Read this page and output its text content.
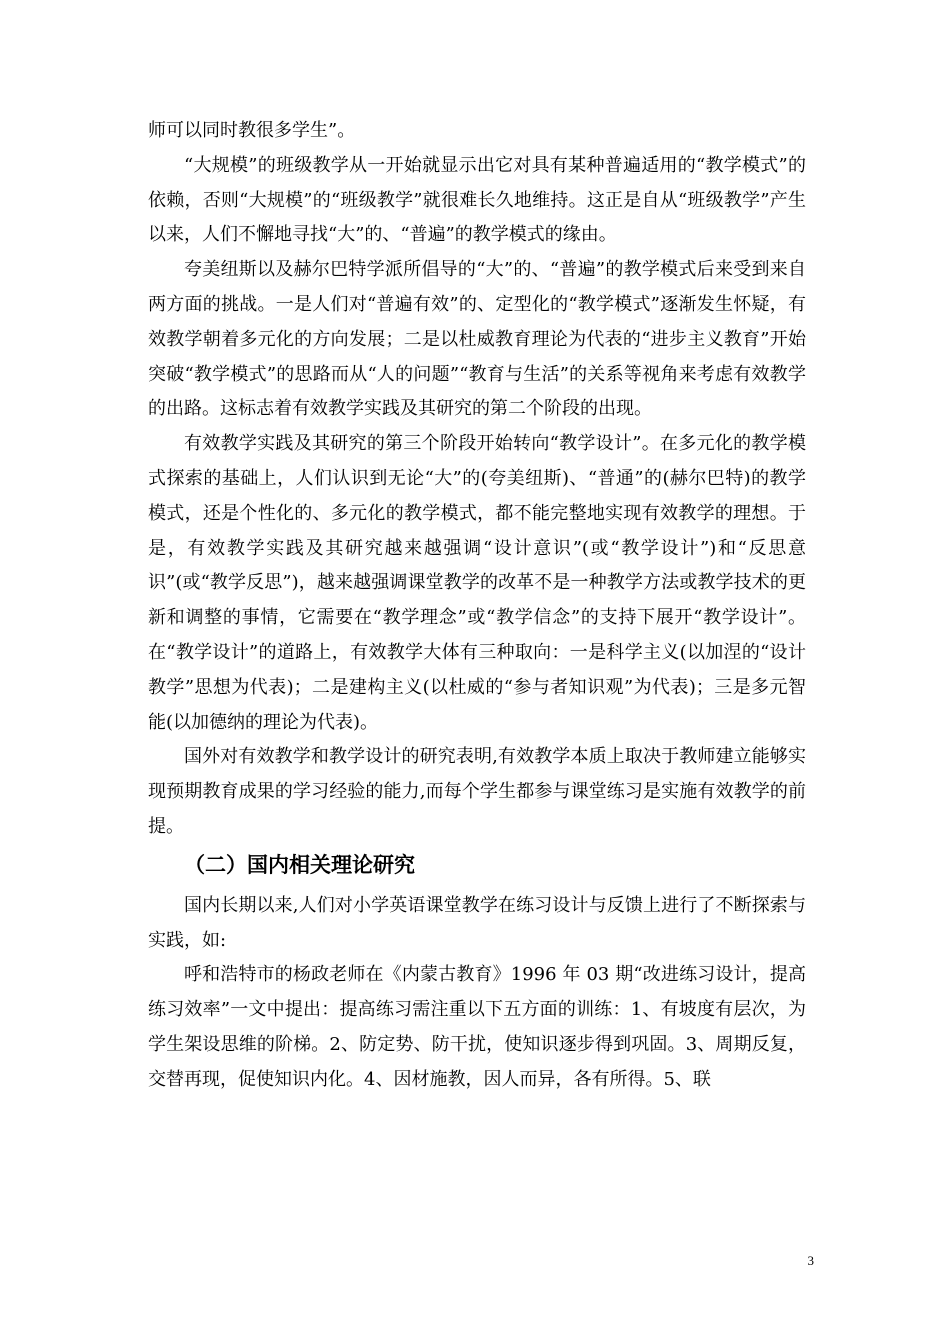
师可以同时教很多学生”。

“大规模”的班级教学从一开始就显示出它对具有某种普遍适用的“教学模式”的依赖，否则“大规模”的“班级教学”就很难长久地维持。这正是自从“班级教学”产生以来，人们不懈地寻找“大”的、“普遍”的教学模式的缘由。

夸美纽斯以及赫尔巴特学派所倡导的“大”的、“普遍”的教学模式后来受到来自两方面的挑战。一是人们对“普遍有效”的、定型化的“教学模式”逐渐发生怀疑，有效教学朝着多元化的方向发展；二是以杜威教育理论为代表的“进步主义教育”开始突破“教学模式”的思路而从“人的问题”“教育与生活”的关系等视角来考虑有效教学的出路。这标志着有效教学实践及其研究的第二个阶段的出现。

有效教学实践及其研究的第三个阶段开始转向“教学设计”。在多元化的教学模式探索的基础上，人们认识到无论“大”的(夸美纽斯)、“普通”的(赫尔巴特)的教学模式，还是个性化的、多元化的教学模式，都不能完整地实现有效教学的理想。于是，有效教学实践及其研究越来越强调“设计意识”(或“教学设计”)和“反思意识”(或“教学反思”)，越来越强调课堂教学的改革不是一种教学方法或教学技术的更新和调整的事情，它需要在“教学理念”或“教学信念”的支持下展开“教学设计”。在“教学设计”的道路上，有效教学大体有三种取向：一是科学主义(以加涅的“设计教学”思想为代表)；二是建构主义(以杜威的“参与者知识观”为代表)；三是多元智能(以加德纳的理论为代表)。

国外对有效教学和教学设计的研究表明,有效教学本质上取决于教师建立能够实现预期教育成果的学习经验的能力,而每个学生都参与课堂练习是实施有效教学的前提。

（二）国内相关理论研究

国内长期以来,人们对小学英语课堂教学在练习设计与反馈上进行了不断探索与实践，如:

呼和浩特市的杨政老师在《内蒙古教育》1996 年 03 期“改进练习设计，提高练习效率”一文中提出：提高练习需注重以下五方面的训练：1、有坡度有层次，为学生架设思维的阶梯。2、防定势、防干扰，使知识逐步得到巩固。3、周期反复，交替再现，促使知识内化。4、因材施教，因人而异，各有所得。5、联

3
